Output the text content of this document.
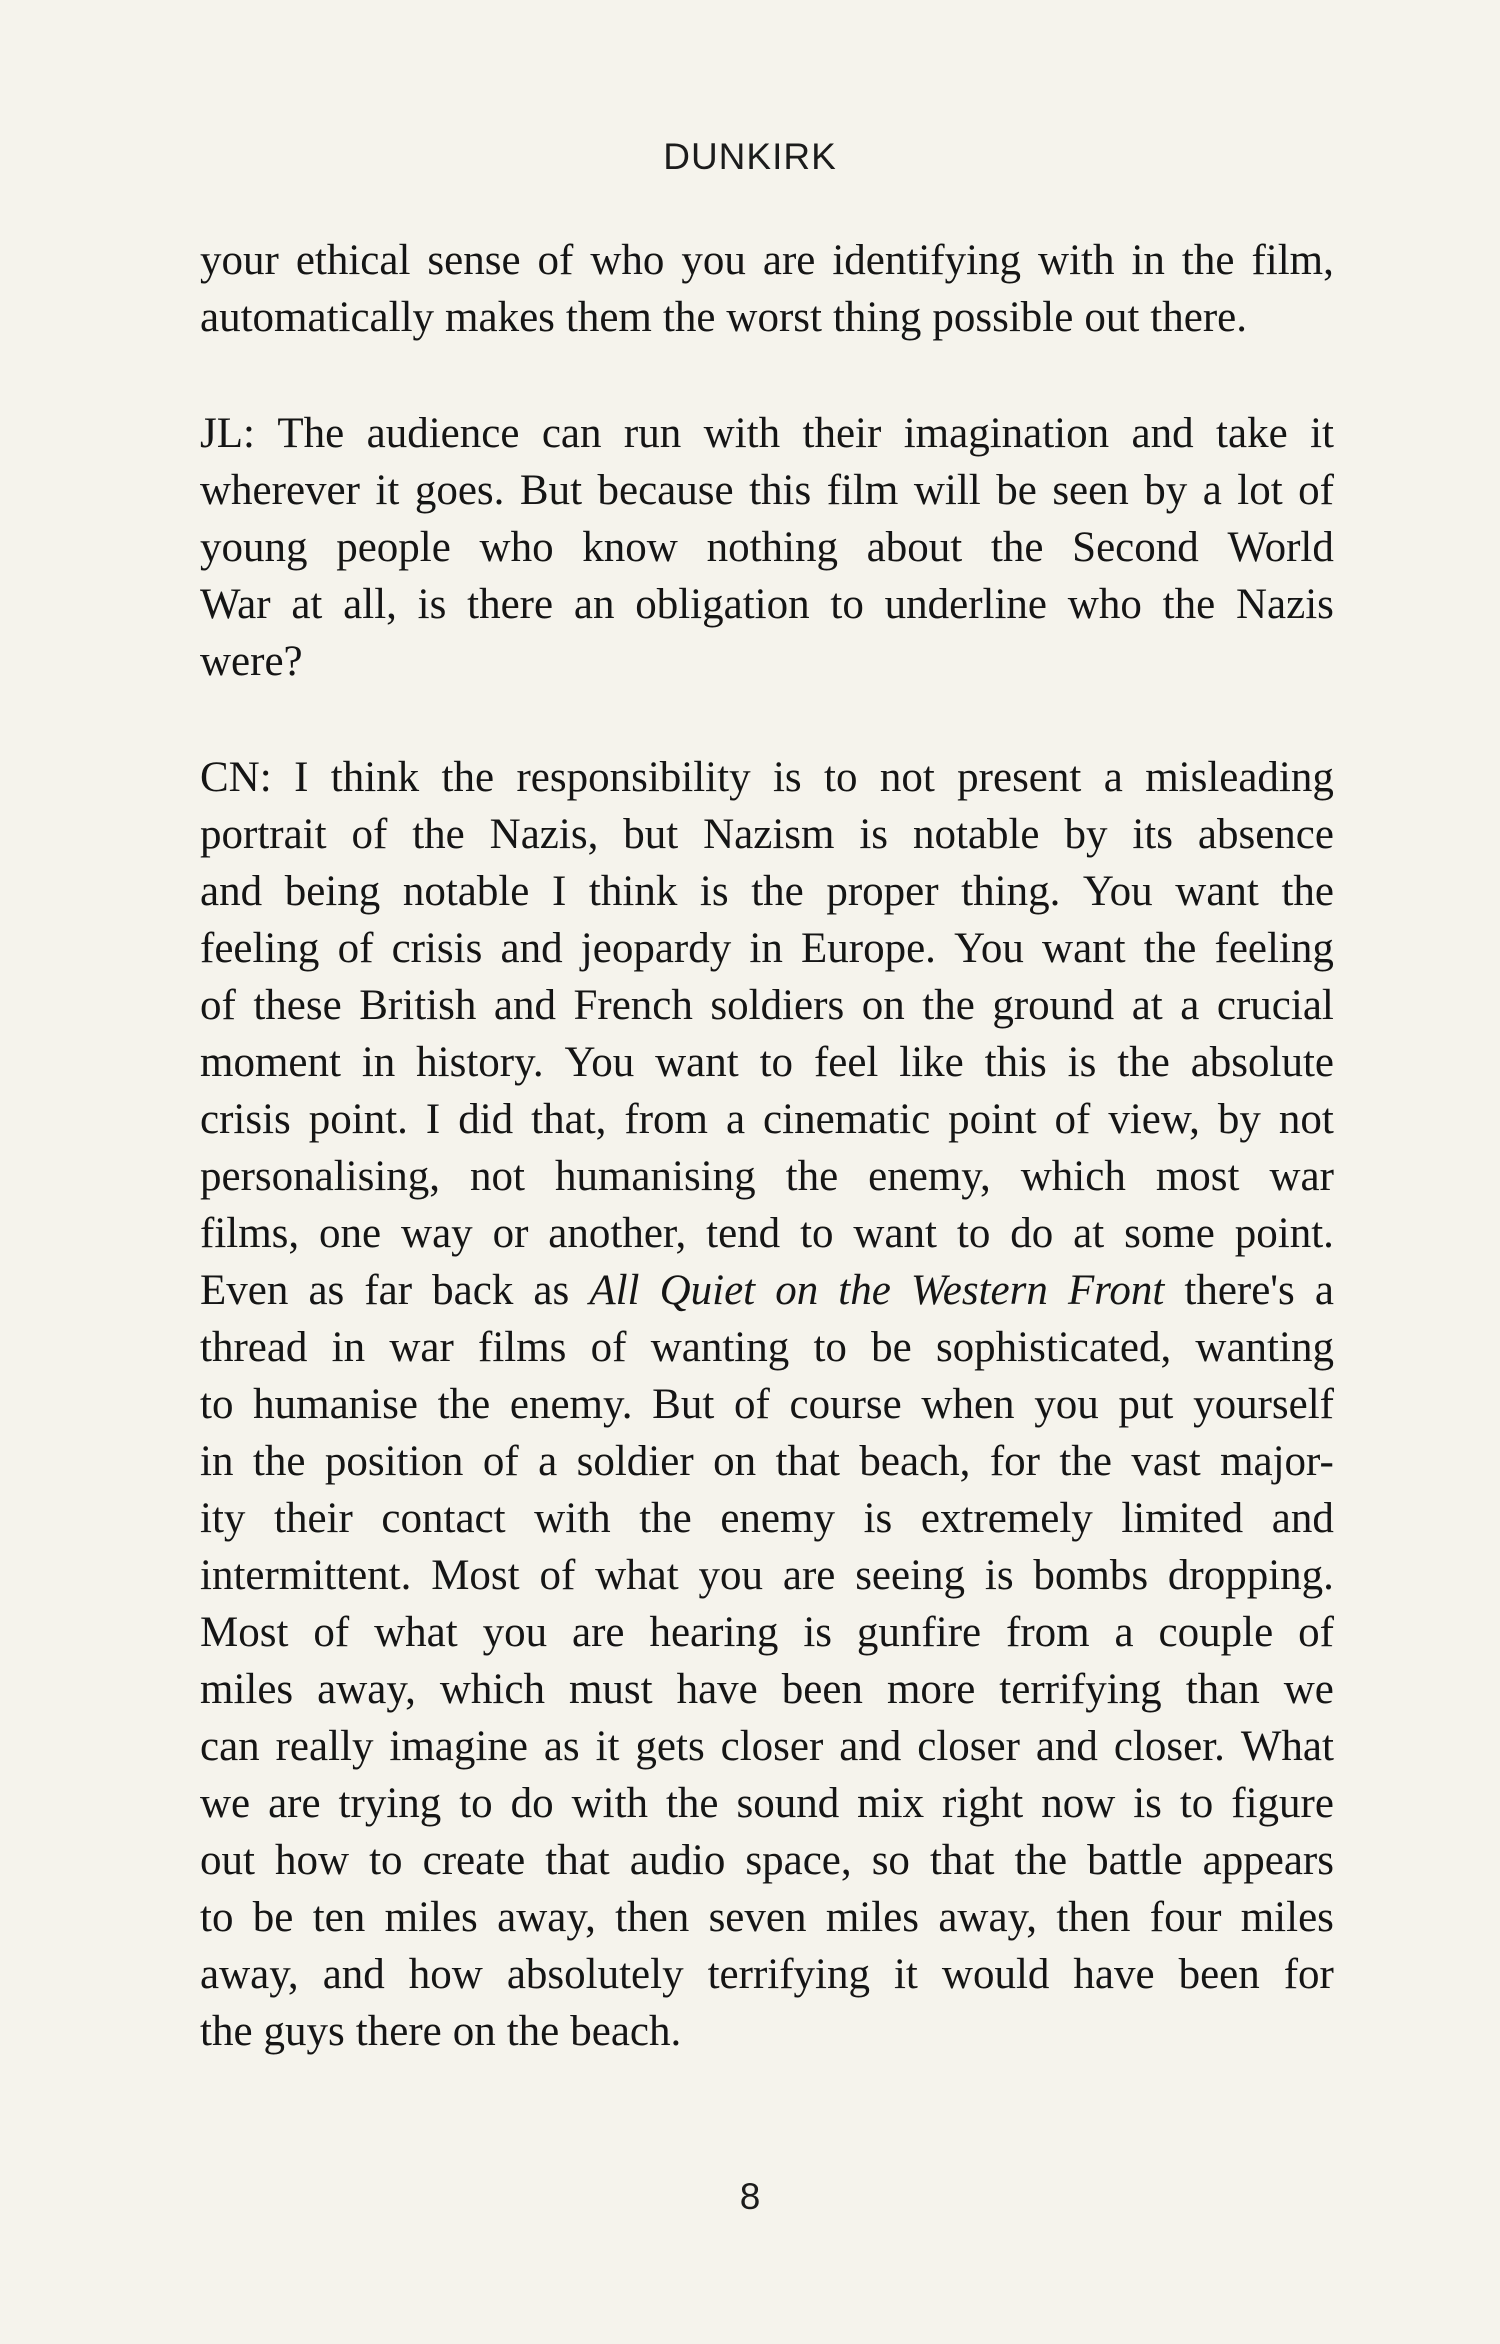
DUNKIRK
your ethical sense of who you are identifying with in the film,
automatically makes them the worst thing possible out there.
JL: The audience can run with their imagination and take it
wherever it goes. But because this film will be seen by a lot of
young people who know nothing about the Second World
War at all, is there an obligation to underline who the Nazis
were?
CN: I think the responsibility is to not present a misleading
portrait of the Nazis, but Nazism is notable by its absence
and being notable I think is the proper thing. You want the
feeling of crisis and jeopardy in Europe. You want the feeling
of these British and French soldiers on the ground at a crucial
moment in history. You want to feel like this is the absolute
crisis point. I did that, from a cinematic point of view, by not
personalising, not humanising the enemy, which most war
films, one way or another, tend to want to do at some point.
Even as far back as All Quiet on the Western Front there's a
thread in war films of wanting to be sophisticated, wanting
to humanise the enemy. But of course when you put yourself
in the position of a soldier on that beach, for the vast major-
ity their contact with the enemy is extremely limited and
intermittent. Most of what you are seeing is bombs dropping.
Most of what you are hearing is gunfire from a couple of
miles away, which must have been more terrifying than we
can really imagine as it gets closer and closer and closer. What
we are trying to do with the sound mix right now is to figure
out how to create that audio space, so that the battle appears
to be ten miles away, then seven miles away, then four miles
away, and how absolutely terrifying it would have been for
the guys there on the beach.
8
